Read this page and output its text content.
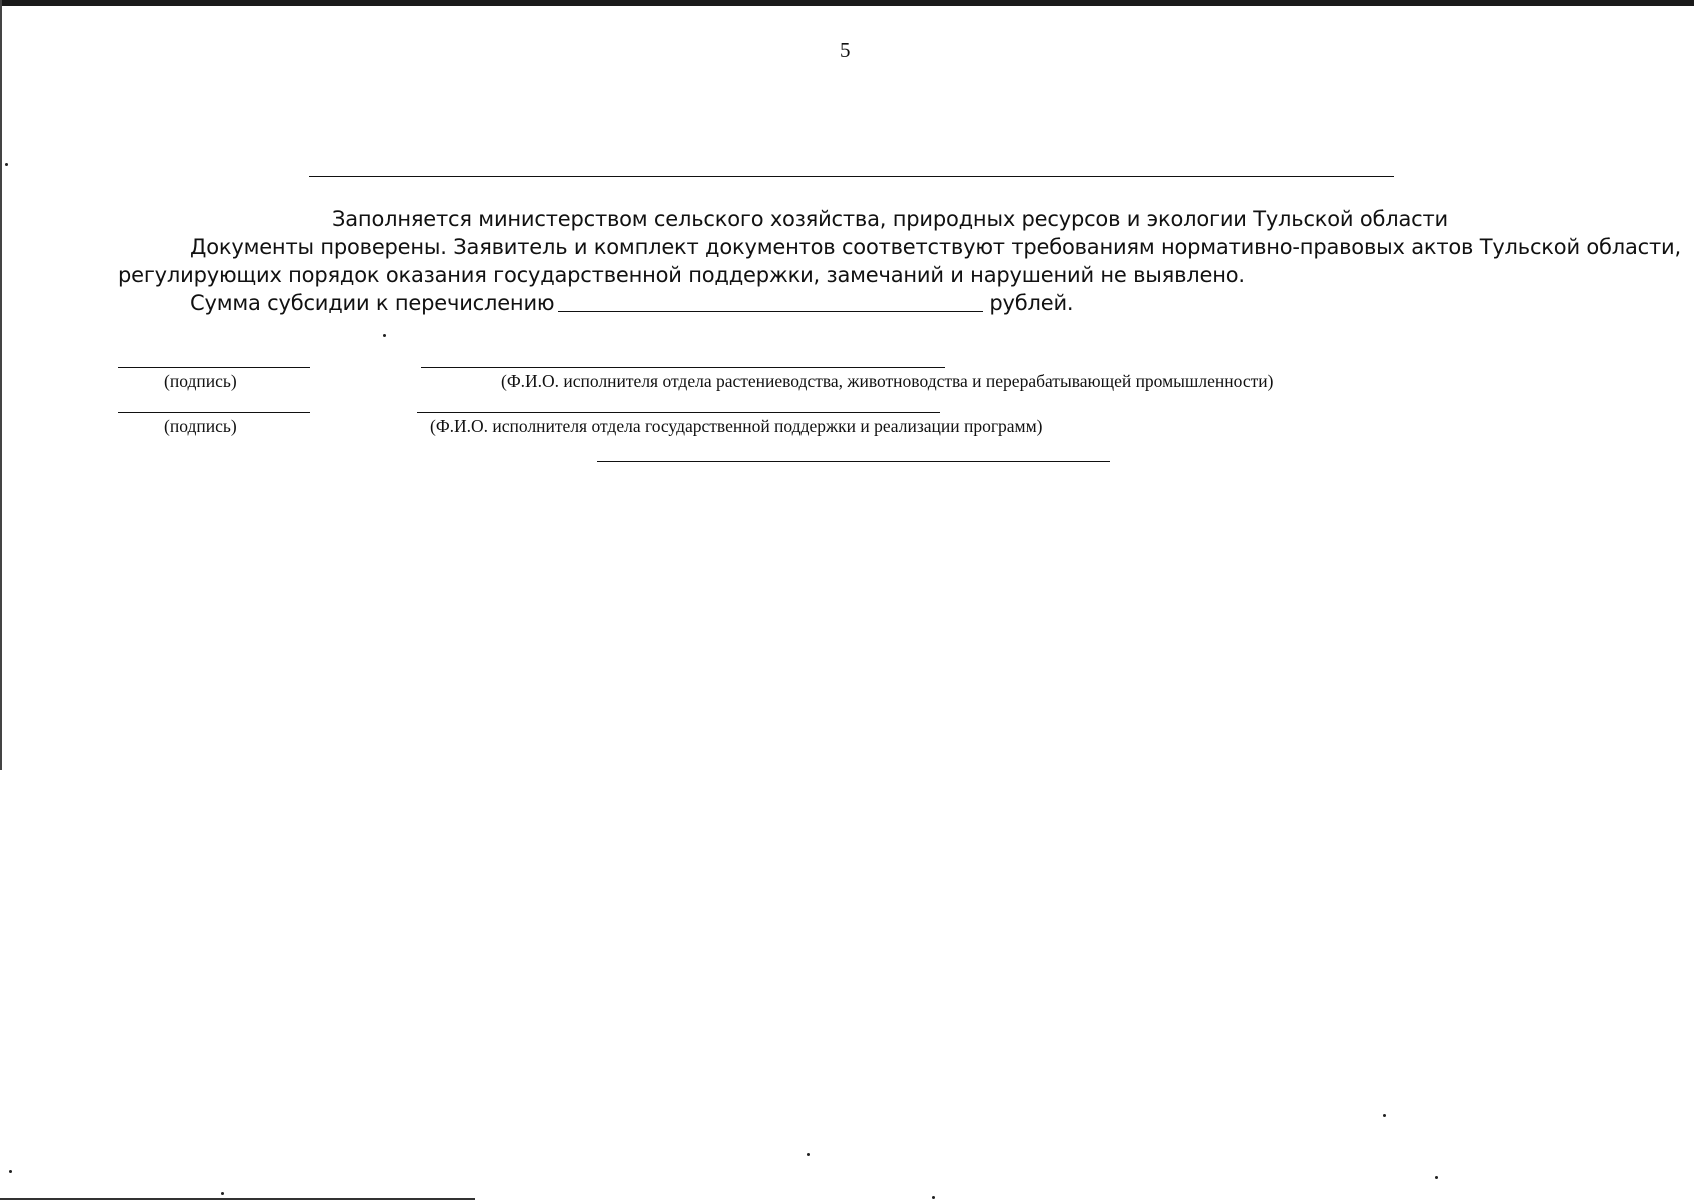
5
Заполняется министерством сельского хозяйства, природных ресурсов и экологии Тульской области
Документы проверены. Заявитель и комплект документов соответствуют требованиям нормативно-правовых актов Тульской области,
регулирующих порядок оказания государственной поддержки, замечаний и нарушений не выявлено.
Сумма субсидии к перечислению	рублей.
(подпись)	(Ф.И.О. исполнителя отдела растениеводства, животноводства и перерабатывающей промышленности)
(подпись)	(Ф.И.О. исполнителя отдела государственной поддержки и реализации программ)
